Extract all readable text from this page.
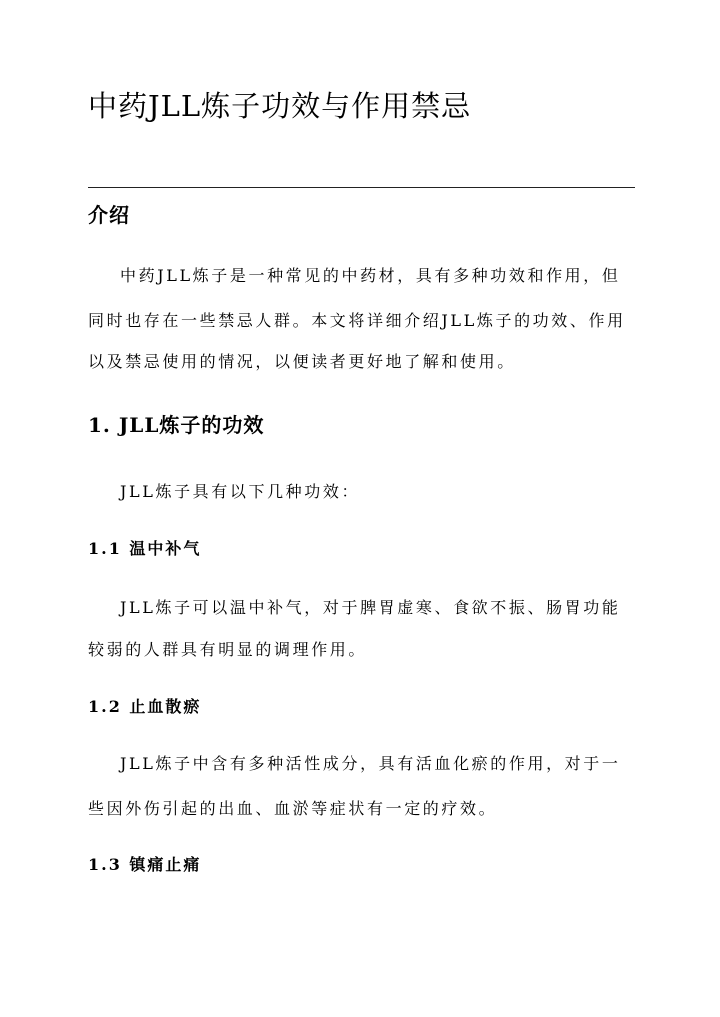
中药JLL炼子功效与作用禁忌
介绍

中药JLL炼子是一种常见的中药材，具有多种功效和作用，但

同时也存在一些禁忌人群。本文将详细介绍JLL炼子的功效、作用

以及禁忌使用的情况，以便读者更好地了解和使用。

1. JLL炼子的功效

JLL炼子具有以下几种功效：

1.1 温中补气

JLL炼子可以温中补气，对于脾胃虚寒、食欲不振、肠胃功能

较弱的人群具有明显的调理作用。

1.2 止血散瘀

JLL炼子中含有多种活性成分，具有活血化瘀的作用，对于一

些因外伤引起的出血、血淤等症状有一定的疗效。

1.3 镇痛止痛
